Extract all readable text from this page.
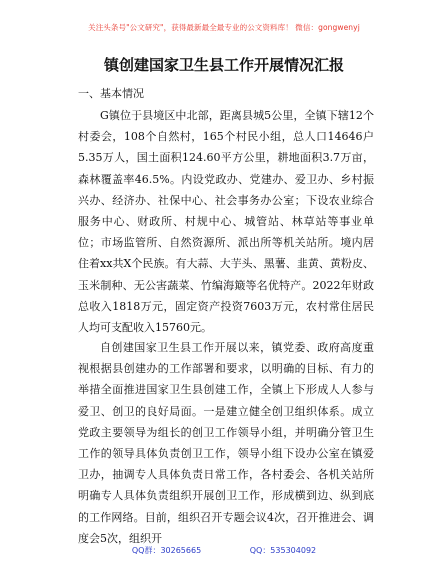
关注头条号"公文研究"，获得最新最全最专业的公文资料库！ 微信：gongwenyj
镇创建国家卫生县工作开展情况汇报
一、基本情况

G镇位于县境区中北部，距离县城5公里，全镇下辖12个村委会，108个自然村，165个村民小组，总人口14646户5.35万人，国土面积124.60平方公里，耕地面积3.7万亩，森林覆盖率46.5%。内设党政办、党建办、爱卫办、乡村振兴办、经济办、社保中心、社会事务办公室；下设农业综合服务中心、财政所、村规中心、城管站、林草站等事业单位；市场监管所、自然资源所、派出所等机关站所。境内居住着xx共X个民族。有大蒜、大芋头、黑薯、韭黄、黄粉皮、玉米制种、无公害蔬菜、竹编海簸等名优特产。2022年财政总收入1818万元，固定资产投资7603万元，农村常住居民人均可支配收入15760元。

自创建国家卫生县工作开展以来，镇党委、政府高度重视根据县创建办的工作部署和要求，以明确的目标、有力的举措全面推进国家卫生县创建工作，全镇上下形成人人参与爱卫、创卫的良好局面。一是建立健全创卫组织体系。成立党政主要领导为组长的创卫工作领导小组，并明确分管卫生工作的领导具体负责创卫工作，领导小组下设办公室在镇爱卫办，抽调专人具体负责日常工作，各村委会、各机关站所明确专人具体负责组织开展创卫工作，形成横到边、纵到底的工作网络。目前，组织召开专题会议4次，召开推进会、调度会5次，组织开

QQ群：30265665	QQ：535304092
